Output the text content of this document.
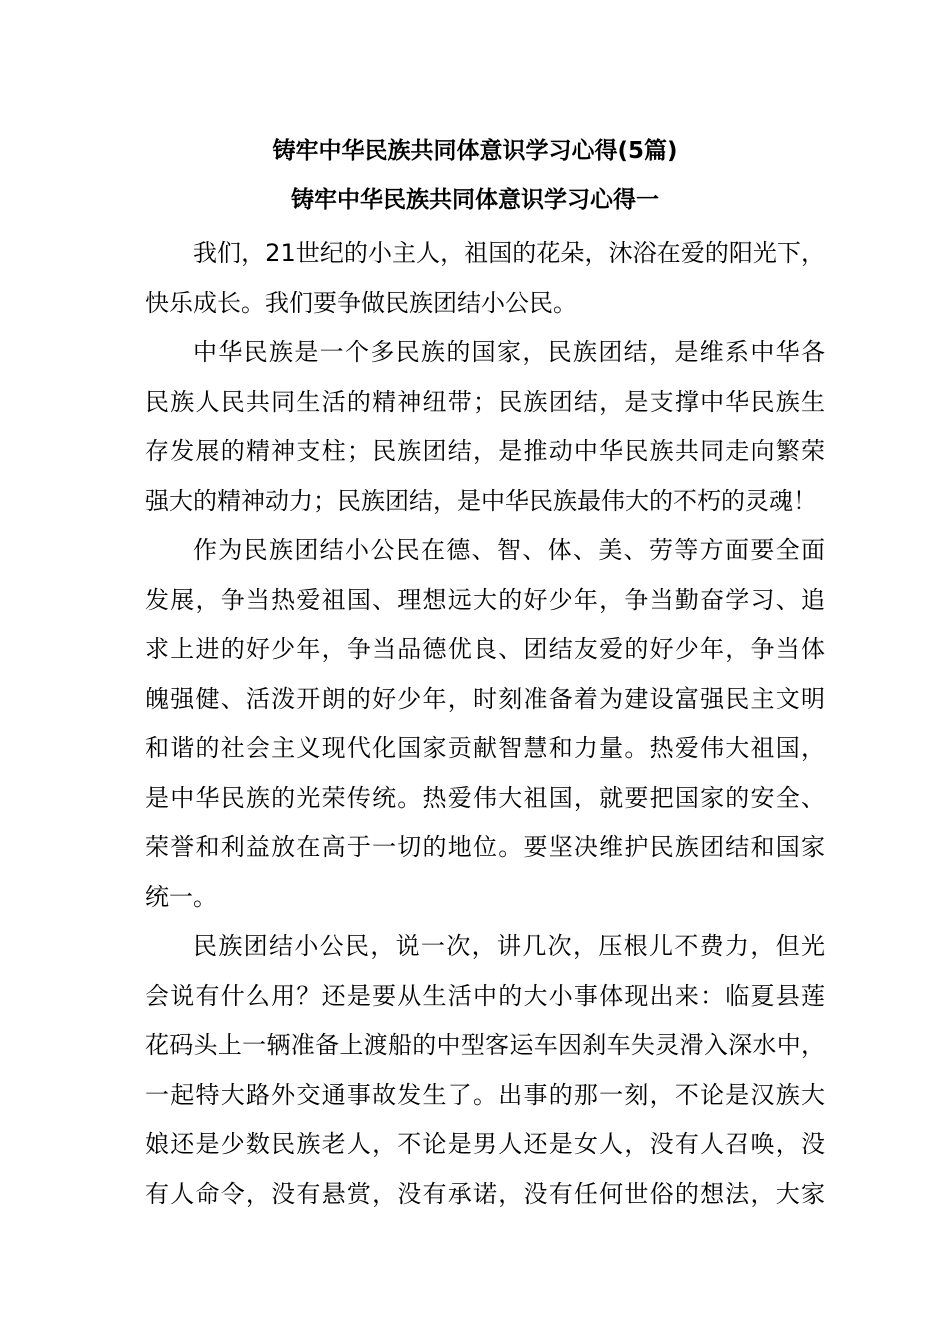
铸牢中华民族共同体意识学习心得(5篇)
铸牢中华民族共同体意识学习心得一
我们，21世纪的小主人，祖国的花朵，沐浴在爱的阳光下，
快乐成长。我们要争做民族团结小公民。
中华民族是一个多民族的国家，民族团结，是维系中华各
民族人民共同生活的精神纽带；民族团结，是支撑中华民族生
存发展的精神支柱；民族团结，是推动中华民族共同走向繁荣
强大的精神动力；民族团结，是中华民族最伟大的不朽的灵魂！
作为民族团结小公民在德、智、体、美、劳等方面要全面
发展，争当热爱祖国、理想远大的好少年，争当勤奋学习、追
求上进的好少年，争当品德优良、团结友爱的好少年，争当体
魄强健、活泼开朗的好少年，时刻准备着为建设富强民主文明
和谐的社会主义现代化国家贡献智慧和力量。热爱伟大祖国，
是中华民族的光荣传统。热爱伟大祖国，就要把国家的安全、
荣誉和利益放在高于一切的地位。要坚决维护民族团结和国家
统一。
民族团结小公民，说一次，讲几次，压根儿不费力，但光
会说有什么用？还是要从生活中的大小事体现出来：临夏县莲
花码头上一辆准备上渡船的中型客运车因刹车失灵滑入深水中，
一起特大路外交通事故发生了。出事的那一刻，不论是汉族大
娘还是少数民族老人，不论是男人还是女人，没有人召唤，没
有人命令，没有悬赏，没有承诺，没有任何世俗的想法，大家
